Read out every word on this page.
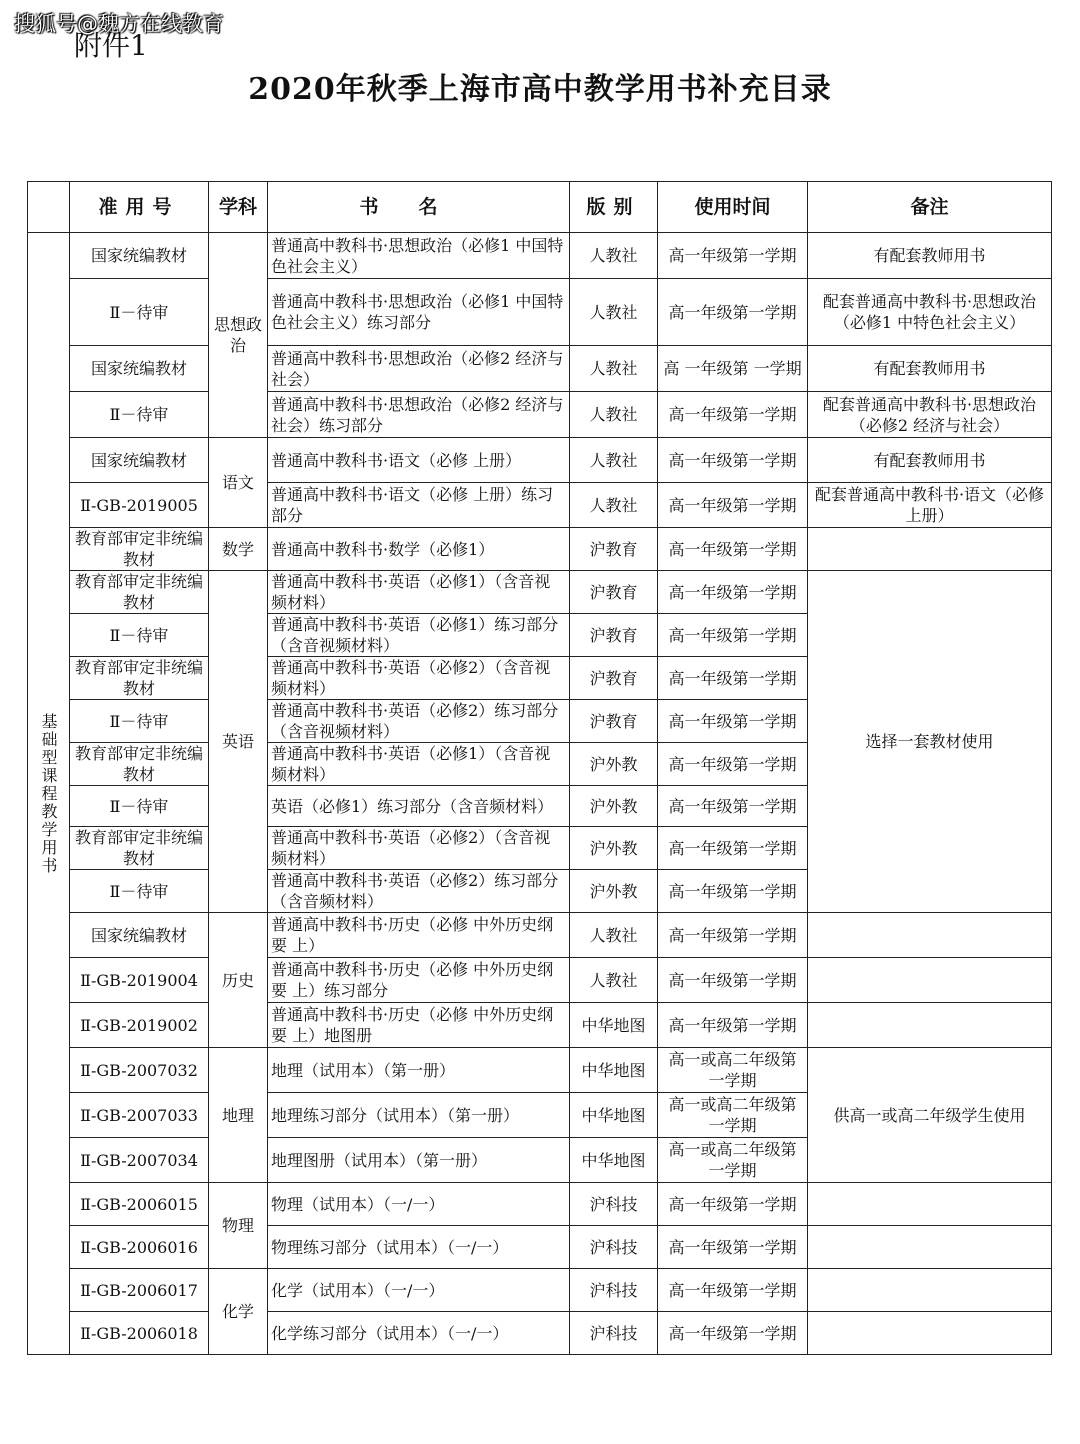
搜狐号@魏方在线教育
附件1
2020年秋季上海市高中教学用书补充目录
	准用号	学科	书名	版别	使用时间	备注
基础型课程教学用书	国家统编教材	思想政治	普通高中教科书·思想政治（必修1 中国特色社会主义）	人教社	高一年级第一学期	有配套教师用书
	Ⅱ－待审		普通高中教科书·思想政治（必修1 中国特色社会主义）练习部分	人教社	高一年级第一学期	配套普通高中教科书·思想政治（必修1 中特色社会主义）
	国家统编教材		普通高中教科书·思想政治（必修2 经济与社会）	人教社	高 一年级第 一学期	有配套教师用书
	Ⅱ－待审		普通高中教科书·思想政治（必修2 经济与社会）练习部分	人教社	高一年级第一学期	配套普通高中教科书·思想政治（必修2 经济与社会）
	国家统编教材	语文	普通高中教科书·语文（必修 上册）	人教社	高一年级第一学期	有配套教师用书
	Ⅱ-GB-2019005		普通高中教科书·语文（必修 上册）练习部分	人教社	高一年级第一学期	配套普通高中教科书·语文（必修 上册）
	教育部审定非统编教材	数学	普通高中教科书·数学（必修1）	沪教育	高一年级第一学期	
	教育部审定非统编教材	英语	普通高中教科书·英语（必修1）（含音视频材料）	沪教育	高一年级第一学期	选择一套教材使用
	Ⅱ－待审		普通高中教科书·英语（必修1）练习部分（含音视频材料）	沪教育	高一年级第一学期	
	教育部审定非统编教材		普通高中教科书·英语（必修2）（含音视频材料）	沪教育	高一年级第一学期	
	Ⅱ－待审		普通高中教科书·英语（必修2）练习部分（含音视频材料）	沪教育	高一年级第一学期	
	教育部审定非统编教材		普通高中教科书·英语（必修1）（含音视频材料）	沪外教	高一年级第一学期	
	Ⅱ－待审		英语（必修1）练习部分（含音频材料）	沪外教	高一年级第一学期	
	教育部审定非统编教材		普通高中教科书·英语（必修2）（含音视频材料）	沪外教	高一年级第一学期	
	Ⅱ－待审		普通高中教科书·英语（必修2）练习部分（含音频材料）	沪外教	高一年级第一学期	
	国家统编教材	历史	普通高中教科书·历史（必修 中外历史纲要 上）	人教社	高一年级第一学期	
	Ⅱ-GB-2019004		普通高中教科书·历史（必修 中外历史纲要 上）练习部分	人教社	高一年级第一学期	
	Ⅱ-GB-2019002		普通高中教科书·历史（必修 中外历史纲要 上）地图册	中华地图	高一年级第一学期	
	Ⅱ-GB-2007032	地理	地理（试用本）（第一册）	中华地图	高一或高二年级第一学期	供高一或高二年级学生使用
	Ⅱ-GB-2007033		地理练习部分（试用本）（第一册）	中华地图	高一或高二年级第一学期	
	Ⅱ-GB-2007034		地理图册（试用本）（第一册）	中华地图	高一或高二年级第一学期	
	Ⅱ-GB-2006015	物理	物理（试用本）（一/一）	沪科技	高一年级第一学期	
	Ⅱ-GB-2006016		物理练习部分（试用本）（一/一）	沪科技	高一年级第一学期	
	Ⅱ-GB-2006017	化学	化学（试用本）（一/一）	沪科技	高一年级第一学期	
	Ⅱ-GB-2006018		化学练习部分（试用本）（一/一）	沪科技	高一年级第一学期	
